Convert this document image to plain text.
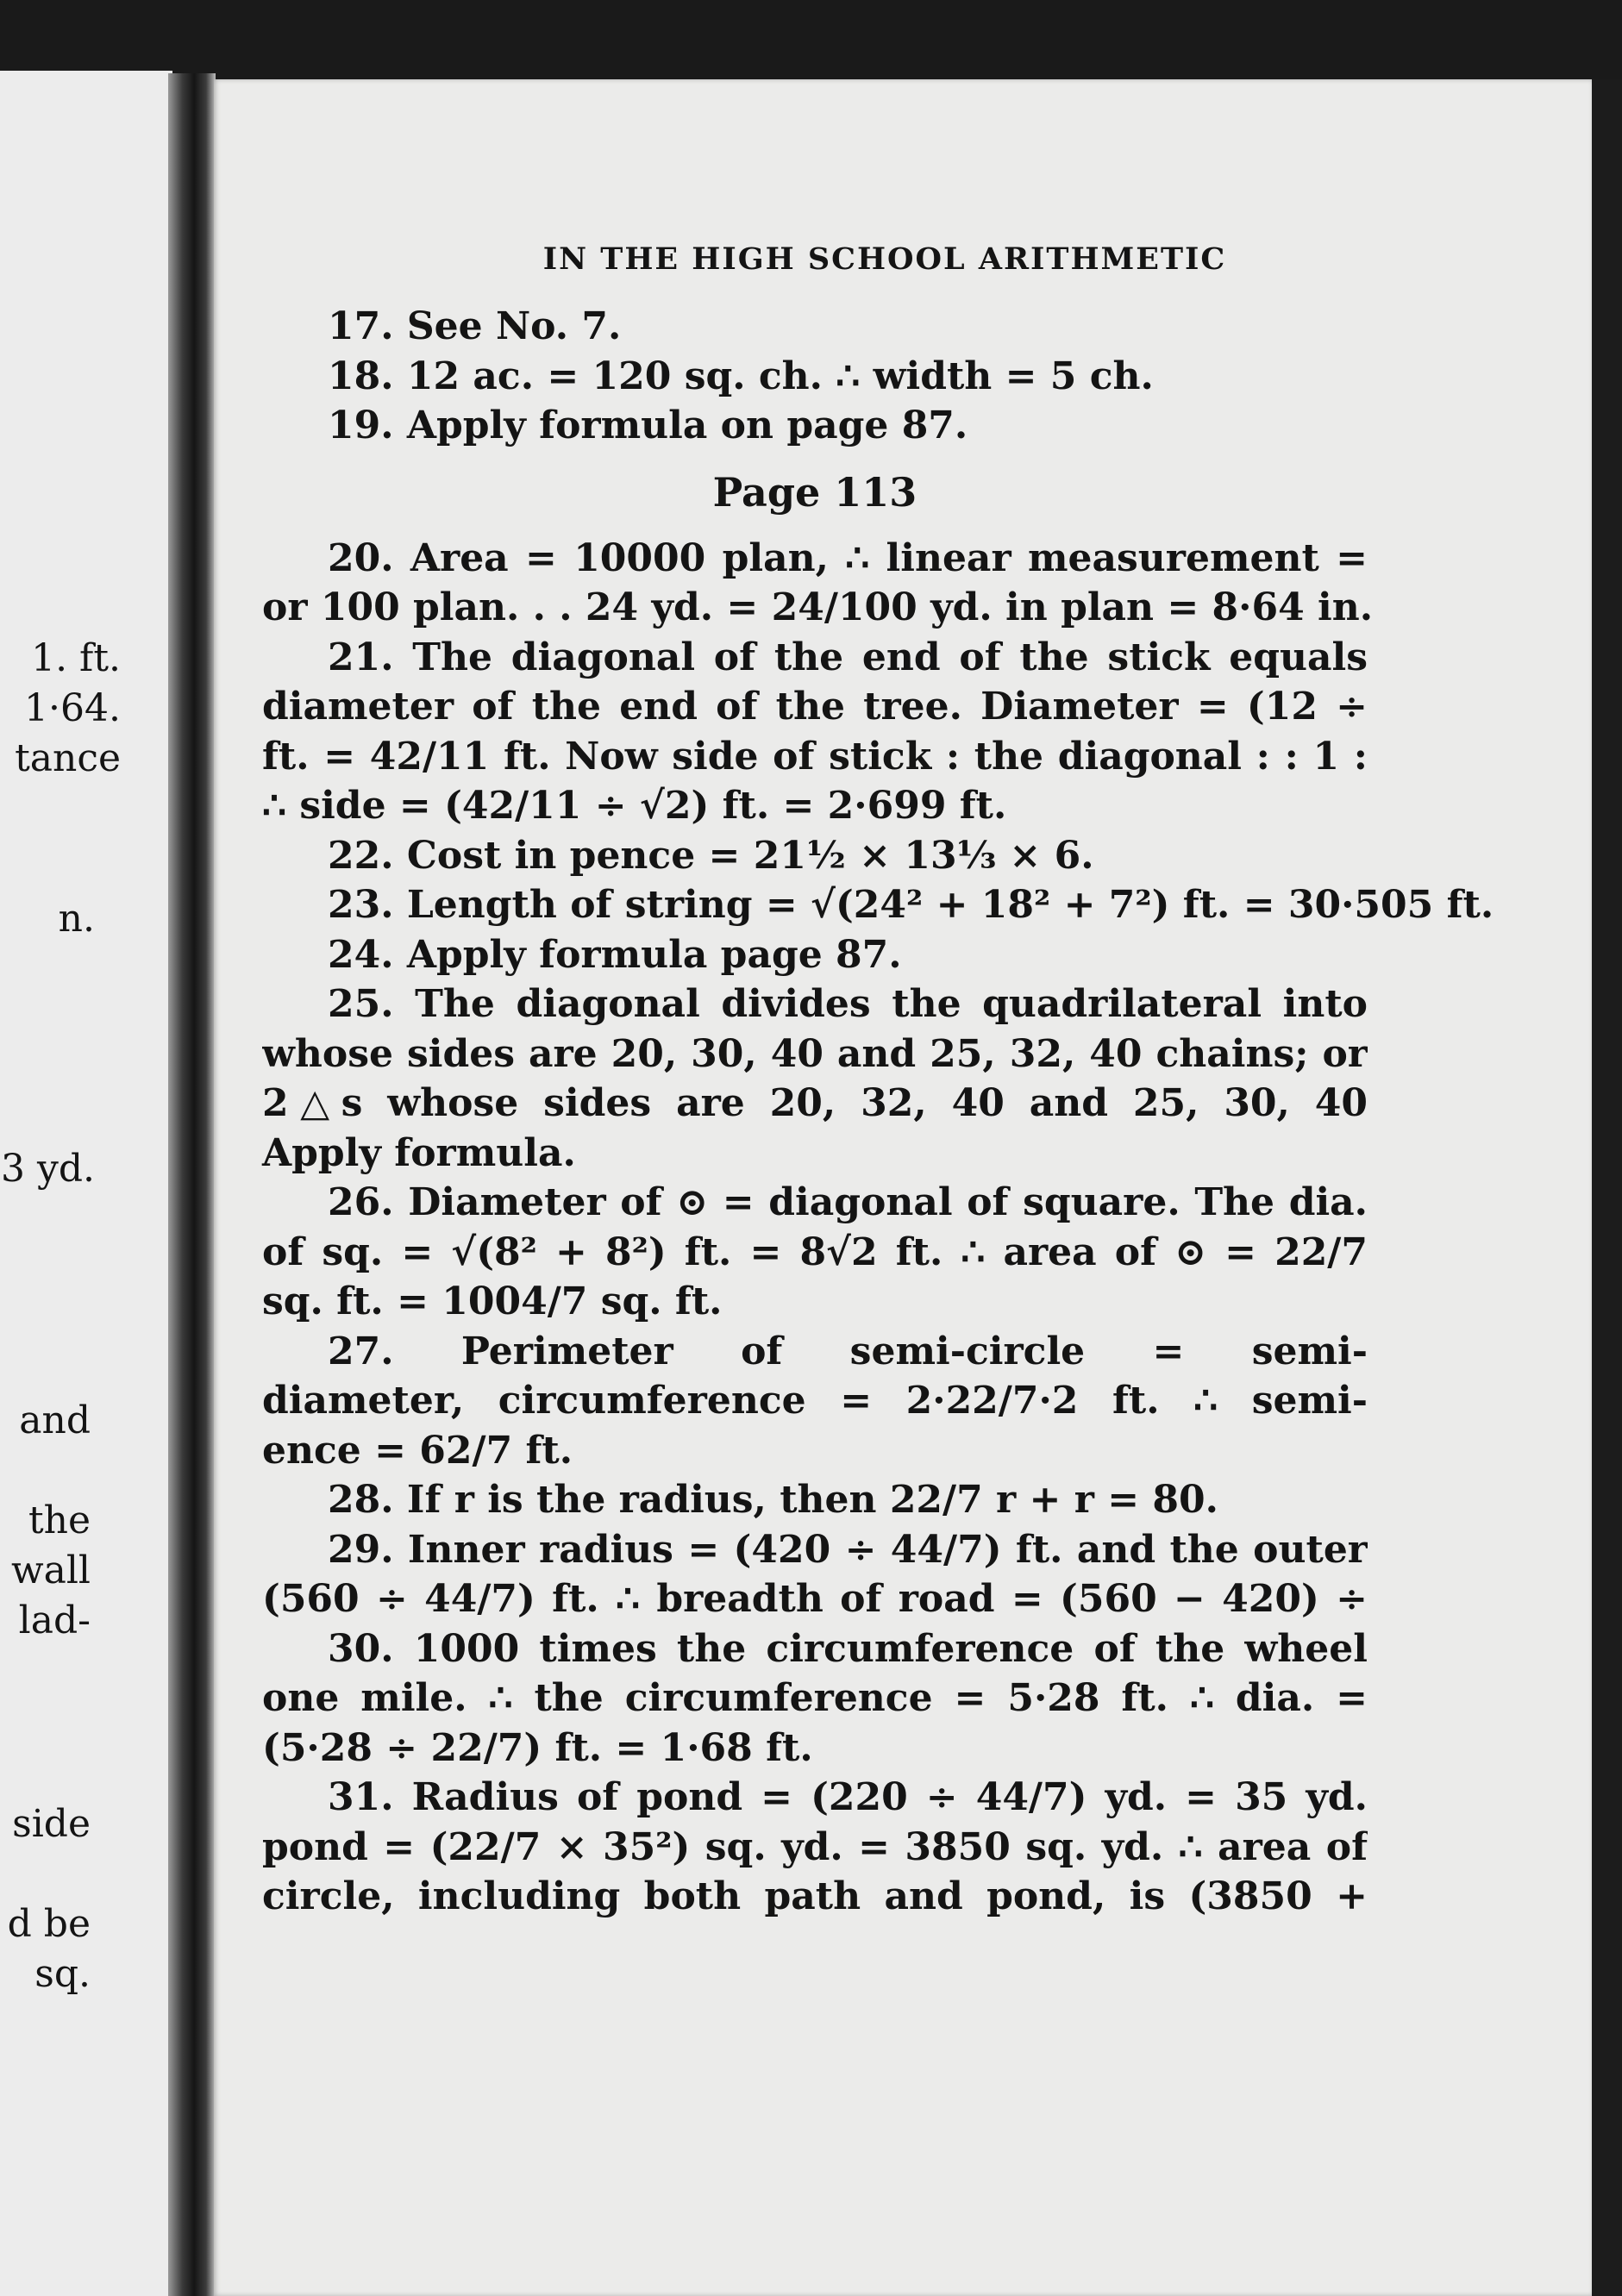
1. ft.
1·64.
tance
n.
3 yd.
and
the
wall
lad-
side
d be
sq.
IN THE HIGH SCHOOL ARITHMETIC
17. See No. 7.
18. 12 ac. = 120 sq. ch. ∴ width = 5 ch.
19. Apply formula on page 87.
Page 113
20. Area = 10000 plan, ∴ linear measurement =
or 100 plan. . . 24 yd. = 24/100 yd. in plan = 8·64 in.
21. The diagonal of the end of the stick equals
diameter of the end of the tree. Diameter = (12 ÷
ft. = 42/11 ft. Now side of stick : the diagonal : : 1 :
∴ side = (42/11 ÷ √2) ft. = 2·699 ft.
22. Cost in pence = 21½ × 13⅓ × 6.
23. Length of string = √(24² + 18² + 7²) ft. = 30·505 ft.
24. Apply formula page 87.
25. The diagonal divides the quadrilateral into
whose sides are 20, 30, 40 and 25, 32, 40 chains; or
2△s whose sides are 20, 32, 40 and 25, 30, 40
Apply formula.
26. Diameter of ⊙ = diagonal of square. The dia.
of sq. = √(8² + 8²) ft. = 8√2 ft. ∴ area of ⊙ = 22/7
sq. ft. = 1004/7 sq. ft.
27. Perimeter of semi-circle = semi-
diameter, circumference = 2·22/7·2 ft. ∴ semi-
ence = 62/7 ft.
28. If r is the radius, then 22/7 r + r = 80.
29. Inner radius = (420 ÷ 44/7) ft. and the outer
(560 ÷ 44/7) ft. ∴ breadth of road = (560 − 420) ÷
30. 1000 times the circumference of the wheel
one mile. ∴ the circumference = 5·28 ft. ∴ dia. =
(5·28 ÷ 22/7) ft. = 1·68 ft.
31. Radius of pond = (220 ÷ 44/7) yd. = 35 yd.
pond = (22/7 × 35²) sq. yd. = 3850 sq. yd. ∴ area of
circle, including both path and pond, is (3850 +
